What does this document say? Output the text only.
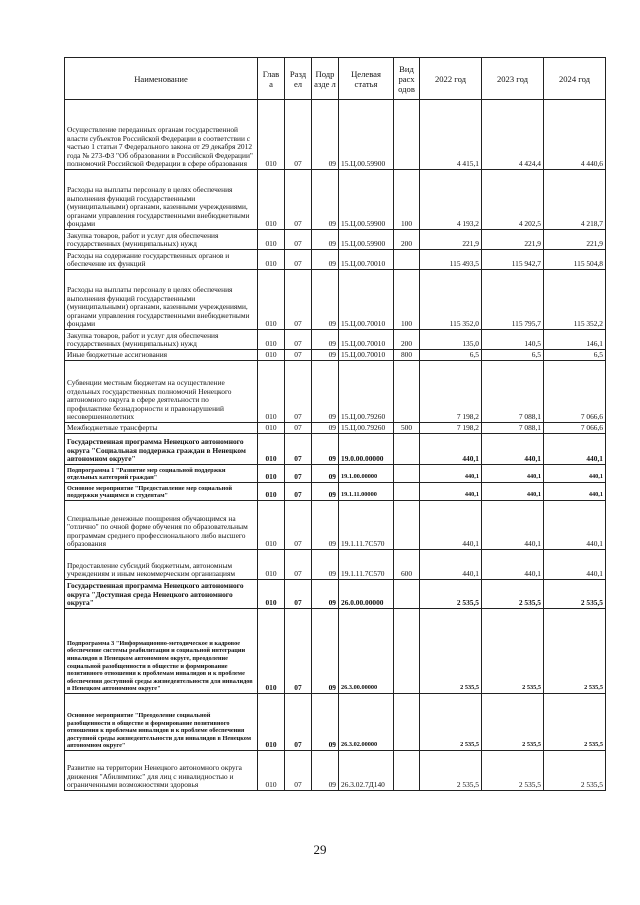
Наименование	Глав а	Разд ел	Подр азде л	Целевая статья	Вид расх одов	2022 год	2023 год	2024 год
Осуществление переданных органам государственной власти субъектов Российской Федерации в соответствии с частью 1 статьи 7 Федерального закона от 29 декабря 2012 года № 273-ФЗ "Об образовании в Российской Федерации" полномочий Российской Федерации в сфере образования	010	07	09	15.Ц.00.59900		4 415,1	4 424,4	4 440,6
Расходы на выплаты персоналу в целях обеспечения выполнения функций государственными (муниципальными) органами, казенными учреждениями, органами управления государственными внебюджетными фондами	010	07	09	15.Ц.00.59900	100	4 193,2	4 202,5	4 218,7
Закупка товаров, работ и услуг для обеспечения государственных (муниципальных) нужд	010	07	09	15.Ц.00.59900	200	221,9	221,9	221,9
Расходы на содержание государственных органов и обеспечение их функций	010	07	09	15.Ц.00.70010		115 493,5	115 942,7	115 504,8
Расходы на выплаты персоналу в целях обеспечения выполнения функций государственными (муниципальными) органами, казенными учреждениями, органами управления государственными внебюджетными фондами	010	07	09	15.Ц.00.70010	100	115 352,0	115 795,7	115 352,2
Закупка товаров, работ и услуг для обеспечения государственных (муниципальных) нужд	010	07	09	15.Ц.00.70010	200	135,0	140,5	146,1
Иные бюджетные ассигнования	010	07	09	15.Ц.00.70010	800	6,5	6,5	6,5
Субвенции местным бюджетам на осуществление отдельных государственных полномочий Ненецкого автономного округа в сфере деятельности по профилактике безнадзорности и правонарушений несовершеннолетних	010	07	09	15.Ц.00.79260		7 198,2	7 088,1	7 066,6
Межбюджетные трансферты	010	07	09	15.Ц.00.79260	500	7 198,2	7 088,1	7 066,6
Государственная программа Ненецкого автономного округа "Социальная поддержка граждан в Ненецком автономном округе"	010	07	09	19.0.00.00000		440,1	440,1	440,1
Подпрограмма 1 "Развитие мер социальной поддержки отдельных категорий граждан"	010	07	09	19.1.00.00000		440,1	440,1	440,1
Основное мероприятие "Предоставление мер социальной поддержки учащимся и студентам"	010	07	09	19.1.11.00000		440,1	440,1	440,1
Специальные денежные поощрения обучающимся на "отлично" по очной форме обучения по образовательным программам среднего профессионального либо высшего образования	010	07	09	19.1.11.7С570		440,1	440,1	440,1
Предоставление субсидий бюджетным, автономным учреждениям и иным некоммерческим организациям	010	07	09	19.1.11.7С570	600	440,1	440,1	440,1
Государственная программа Ненецкого автономного округа "Доступная среда Ненецкого автономного округа"	010	07	09	26.0.00.00000		2 535,5	2 535,5	2 535,5
Подпрограмма 3 "Информационно-методическое и кадровое обеспечение системы реабилитации и социальной интеграции инвалидов в Ненецком автономном округе, преодоление социальной разобщенности в обществе и формирование позитивного отношения к проблемам инвалидов и к проблеме обеспечения доступной среды жизнедеятельности для инвалидов в Ненецком автономном округе"	010	07	09	26.3.00.00000		2 535,5	2 535,5	2 535,5
Основное мероприятие "Преодоление социальной разобщенности в обществе и формирование позитивного отношения к проблемам инвалидов и к проблеме обеспечения доступной среды жизнедеятельности для инвалидов в Ненецком автономном округе"	010	07	09	26.3.02.00000		2 535,5	2 535,5	2 535,5
Развитие на территории Ненецкого автономного округа движения "Абилимпикс" для лиц с инвалидностью и ограниченными возможностями здоровья	010	07	09	26.3.02.7Д140		2 535,5	2 535,5	2 535,5
29
